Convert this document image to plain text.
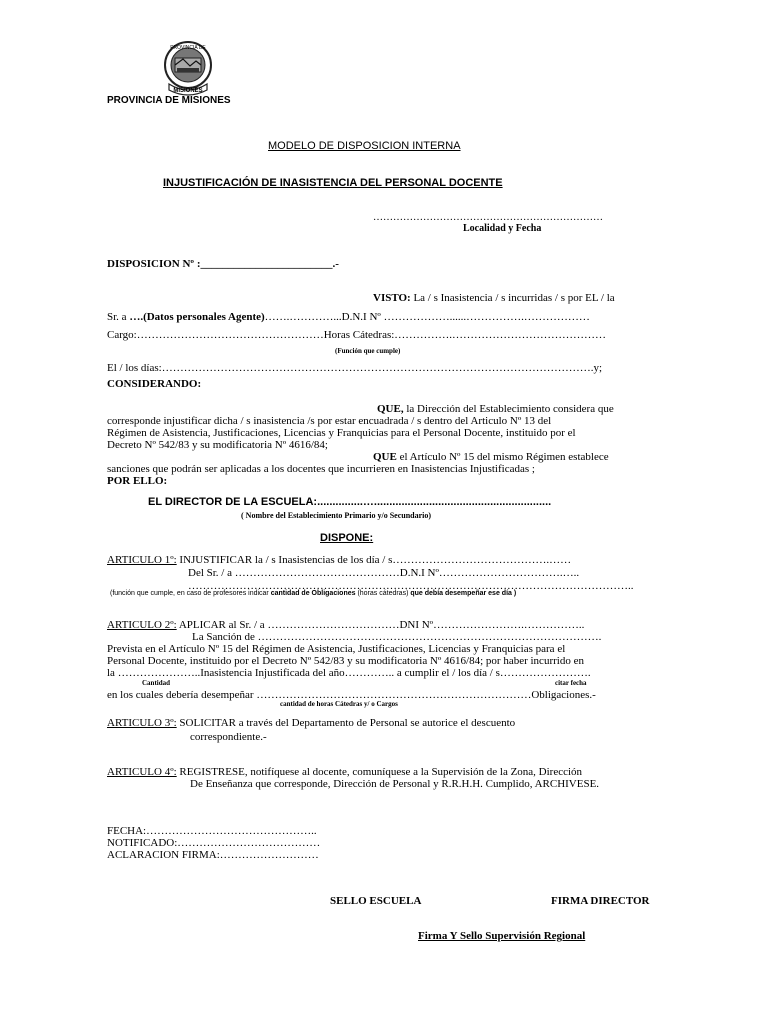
MISIONES
PROVINCIA DE
PROVINCIA DE MISIONES
MODELO DE DISPOSICION INTERNA
INJUSTIFICACIÓN DE INASISTENCIA DEL PERSONAL DOCENTE
……………………………………………………………
Localidad y Fecha
DISPOSICION Nº :________________________.-
VISTO: La / s Inasistencia / s incurridas / s por EL / la
Sr. a ….(Datos personales Agente)…….…………...D.N.I Nº ………………......…………….………………
Cargo:……………………………………………Horas Cátedras:…………….……………………………………
(Función que cumple)
El / los días:……………………………………………………………………………………………………….y;
CONSIDERANDO:
QUE, la Dirección del Establecimiento considera que
corresponde injustificar dicha / s inasistencia /s por estar encuadrada / s dentro del Articulo Nº 13 del
Régimen de Asistencia, Justificaciones, Licencias y Franquicias para el Personal Docente, instituido por el
Decreto Nº 542/83 y su modificatoria Nº 4616/84;
QUE el Artículo Nº 15 del mismo Régimen establece
sanciones que podrán ser aplicadas a los docentes que incurrieren en Inasistencias Injustificadas ;
POR ELLO:
EL DIRECTOR DE LA ESCUELA:...............…..........................................................
( Nombre del Establecimiento Primario y/o Secundario)
DISPONE:
ARTICULO 1º: INJUSTIFICAR la / s Inasistencias de los día / s…………………………………….……
Del Sr. / a ………………………………………D.N.I Nº…………………………….…..
…………………………………………………………………………………………………………..
(función que cumple, en caso de profesores indicar cantidad de Obligaciones (horas cátedras) que debía desempeñar ese día )
ARTICULO 2º: APLICAR al Sr. / a ………………………………DNI Nº…………………….……………..
La Sanción de ………………………………………………………………………………….
Prevista en el Artículo Nº 15 del Régimen de Asistencia, Justificaciones, Licencias y Franquicias para el
Personal Docente, instituido por el Decreto Nº 542/83 y su modificatoria Nº 4616/84; por haber incurrido en
la …………………..Inasistencia Injustificada del año………….. a cumplir el / los día / s…………………….
Cantidad	citar fecha
en los cuales debería desempeñar …………………………………………………………………Obligaciones.-
cantidad de horas Cátedras y/ o Cargos
ARTICULO 3º: SOLICITAR a través del Departamento de Personal se autorice el descuento
correspondiente.-
ARTICULO 4º: REGISTRESE, notifíquese al docente, comuníquese a la Supervisión de la Zona, Dirección
De Enseñanza que corresponde, Dirección de Personal y R.R.H.H. Cumplido, ARCHIVESE.
FECHA:………………………………………..
NOTIFICADO:…………………………………
ACLARACION FIRMA:………………………
SELLO ESCUELA	FIRMA DIRECTOR
Firma Y Sello Supervisión Regional
